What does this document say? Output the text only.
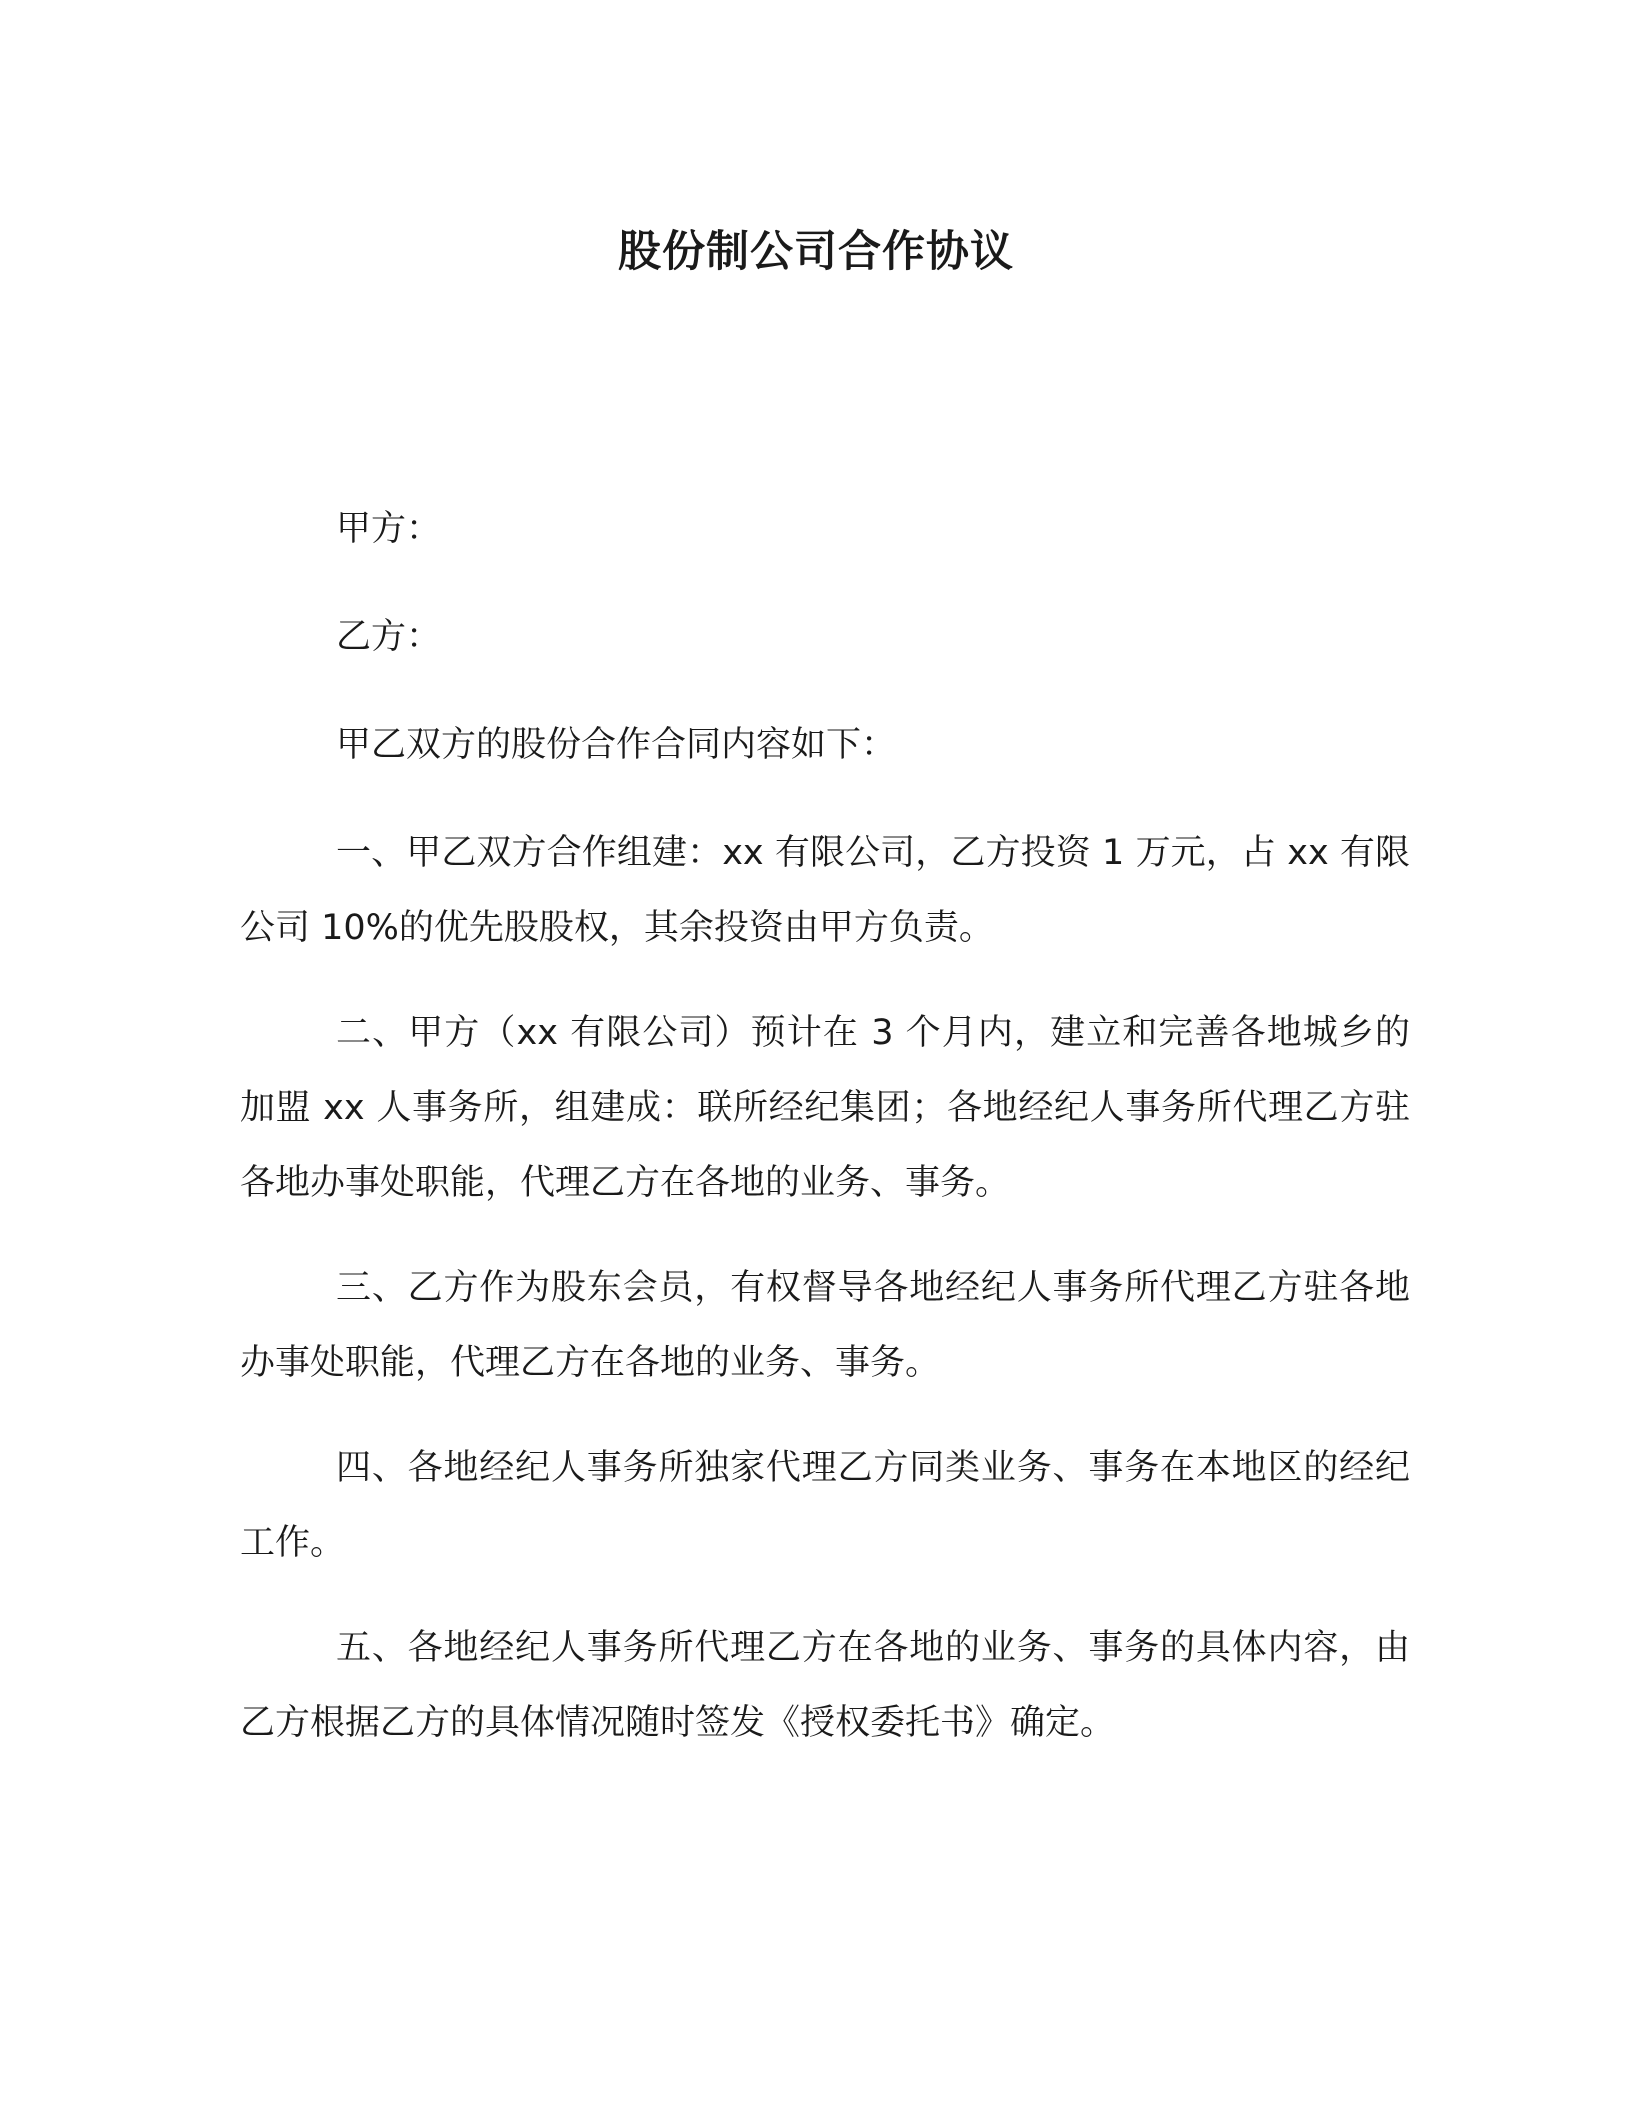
股份制公司合作协议

甲方：

乙方：

甲乙双方的股份合作合同内容如下：

一、甲乙双方合作组建：xx 有限公司，乙方投资 1 万元，占 xx 有限公司 10%的优先股股权，其余投资由甲方负责。

二、甲方（xx 有限公司）预计在 3 个月内，建立和完善各地城乡的加盟 xx 人事务所，组建成：联所经纪集团；各地经纪人事务所代理乙方驻各地办事处职能，代理乙方在各地的业务、事务。

三、乙方作为股东会员，有权督导各地经纪人事务所代理乙方驻各地办事处职能，代理乙方在各地的业务、事务。

四、各地经纪人事务所独家代理乙方同类业务、事务在本地区的经纪工作。

五、各地经纪人事务所代理乙方在各地的业务、事务的具体内容，由乙方根据乙方的具体情况随时签发《授权委托书》确定。
